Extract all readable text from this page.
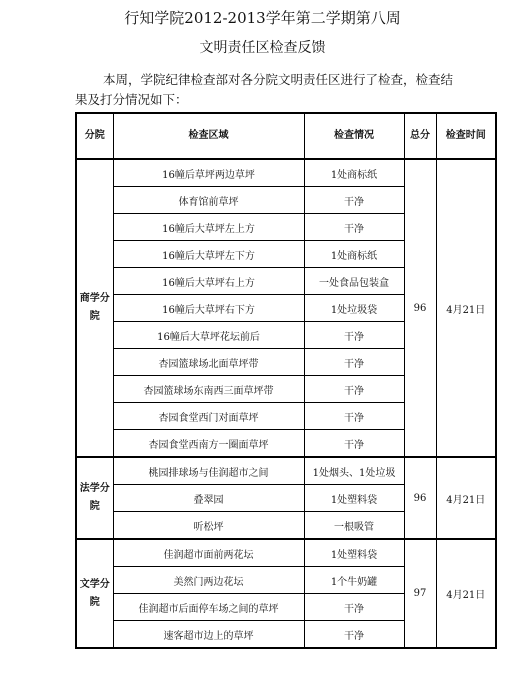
行知学院2012-2013学年第二学期第八周
文明责任区检查反馈
本周，学院纪律检查部对各分院文明责任区进行了检查，检查结果及打分情况如下：
分院	检查区域	检查情况	总分	检查时间
商学分院	16幢后草坪两边草坪	1处商标纸	96	4月21日
	体育馆前草坪	干净		
	16幢后大草坪左上方	干净		
	16幢后大草坪左下方	1处商标纸		
	16幢后大草坪右上方	一处食品包装盒		
	16幢后大草坪右下方	1处垃圾袋		
	16幢后大草坪花坛前后	干净		
	杏园篮球场北面草坪带	干净		
	杏园篮球场东南西三面草坪带	干净		
	杏园食堂西门对面草坪	干净		
	杏园食堂西南方一圈面草坪	干净		
法学分院	桃园排球场与佳润超市之间	1处烟头、1处垃圾	96	4月21日
	叠翠园	1处塑料袋		
	听松坪	一根吸管		
文学分院	佳润超市面前两花坛	1处塑料袋	97	4月21日
	美然门两边花坛	1个牛奶罐		
	佳润超市后面停车场之间的草坪	干净		
	速客超市边上的草坪	干净		
